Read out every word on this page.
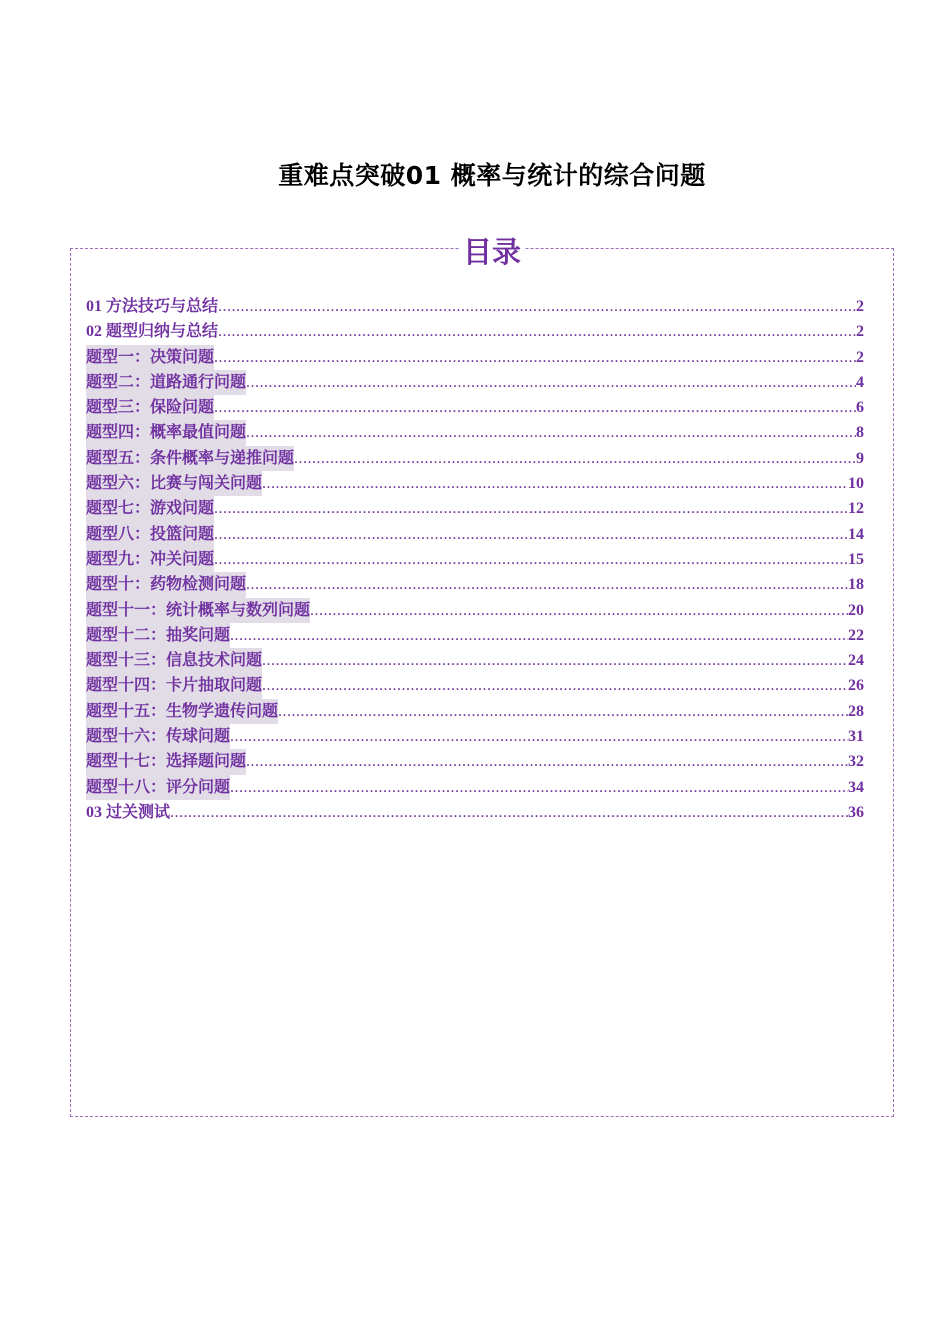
重难点突破01 概率与统计的综合问题
目录
01 方法技巧与总结 .....	2
02 题型归纳与总结 .....	2
题型一：决策问题 .....	2
题型二：道路通行问题 .....	4
题型三：保险问题 .....	6
题型四：概率最值问题 .....	8
题型五：条件概率与递推问题 .....	9
题型六：比赛与闯关问题 .....	10
题型七：游戏问题 .....	12
题型八：投篮问题 .....	14
题型九：冲关问题 .....	15
题型十：药物检测问题 .....	18
题型十一：统计概率与数列问题 .....	20
题型十二：抽奖问题 .....	22
题型十三：信息技术问题 .....	24
题型十四：卡片抽取问题 .....	26
题型十五：生物学遗传问题 .....	28
题型十六：传球问题 .....	31
题型十七：选择题问题 .....	32
题型十八：评分问题 .....	34
03 过关测试 .....	36
